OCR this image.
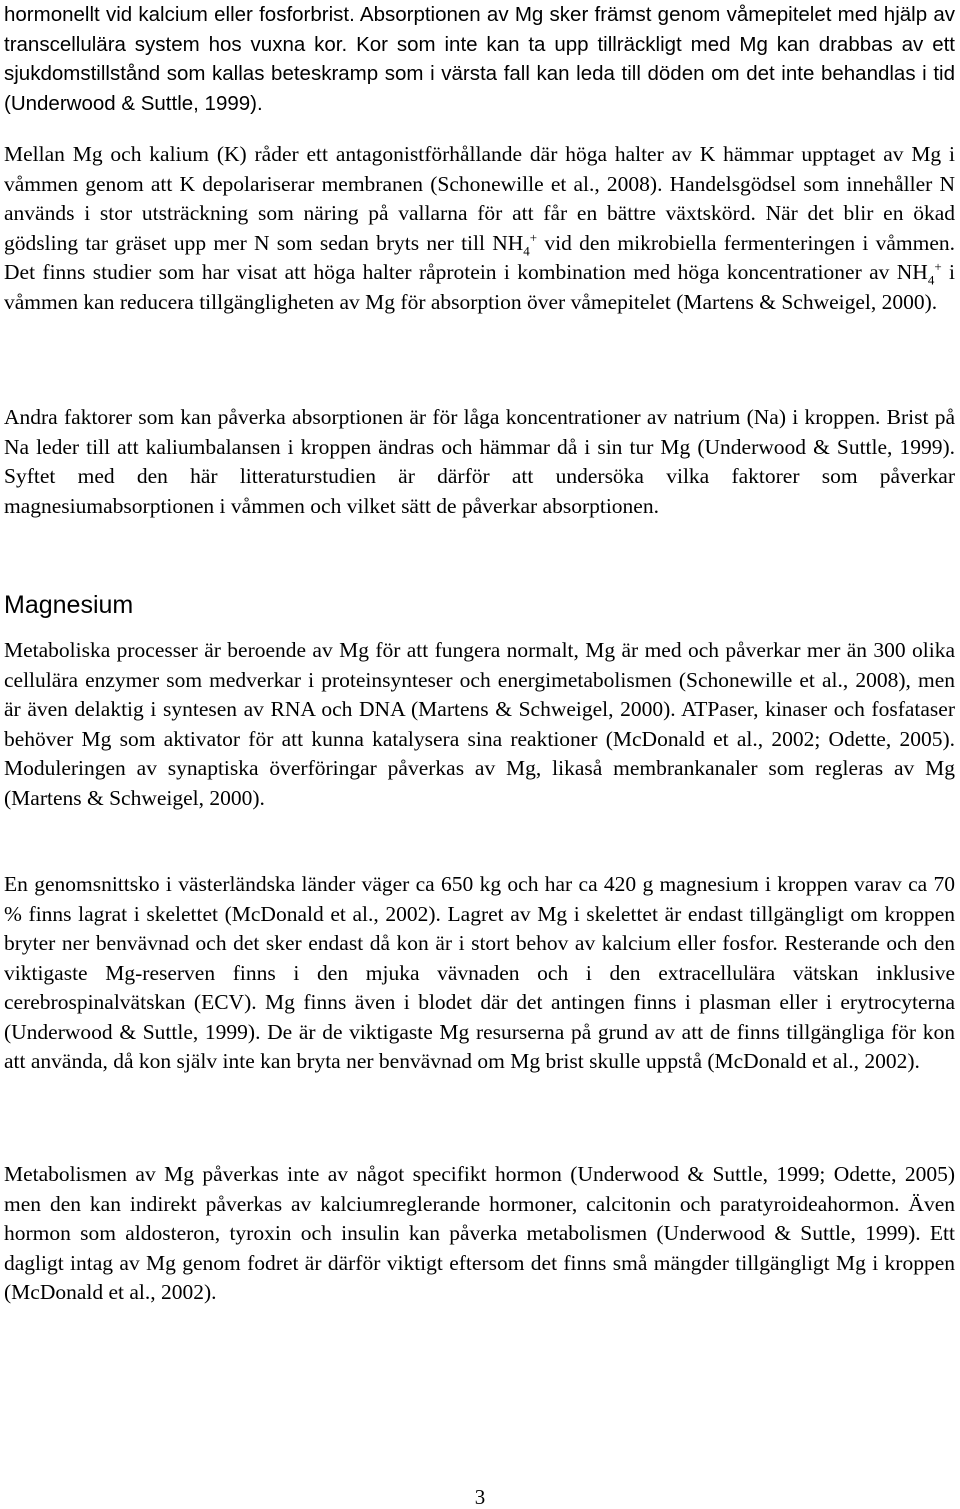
hormonellt vid kalcium eller fosforbrist. Absorptionen av Mg sker främst genom våmepitelet med hjälp av transcellulära system hos vuxna kor. Kor som inte kan ta upp tillräckligt med Mg kan drabbas av ett sjukdomstillstånd som kallas beteskramp som i värsta fall kan leda till döden om det inte behandlas i tid (Underwood & Suttle, 1999).

Mellan Mg och kalium (K) råder ett antagonistförhållande där höga halter av K hämmar upptaget av Mg i våmmen genom att K depolariserar membranen (Schonewille et al., 2008). Handelsgödsel som innehåller N används i stor utsträckning som näring på vallarna för att får en bättre växtskörd. När det blir en ökad gödsling tar gräset upp mer N som sedan bryts ner till $NH_4^+$ vid den mikrobiella fermenteringen i våmmen. Det finns studier som har visat att höga halter råprotein i kombination med höga koncentrationer av $NH_4^+$ i våmmen kan reducera tillgängligheten av Mg för absorption över våmepitelet (Martens & Schweigel, 2000).

Andra faktorer som kan påverka absorptionen är för låga koncentrationer av natrium (Na) i kroppen. Brist på Na leder till att kaliumbalansen i kroppen ändras och hämmar då i sin tur Mg (Underwood & Suttle, 1999). Syftet med den här litteraturstudien är därför att undersöka vilka faktorer som påverkar magnesiumabsorptionen i våmmen och vilket sätt de påverkar absorptionen.

Magnesium

Metaboliska processer är beroende av Mg för att fungera normalt, Mg är med och påverkar mer än 300 olika cellulära enzymer som medverkar i proteinsynteser och energimetabolismen (Schonewille et al., 2008), men är även delaktig i syntesen av RNA och DNA (Martens & Schweigel, 2000). ATPaser, kinaser och fosfataser behöver Mg som aktivator för att kunna katalysera sina reaktioner (McDonald et al., 2002; Odette, 2005). Moduleringen av synaptiska överföringar påverkas av Mg, likaså membrankanaler som regleras av Mg (Martens & Schweigel, 2000).

En genomsnittsko i västerländska länder väger ca 650 kg och har ca 420 g magnesium i kroppen varav ca 70 % finns lagrat i skelettet (McDonald et al., 2002). Lagret av Mg i skelettet är endast tillgängligt om kroppen bryter ner benvävnad och det sker endast då kon är i stort behov av kalcium eller fosfor. Resterande och den viktigaste Mg-reserven finns i den mjuka vävnaden och i den extracellulära vätskan inklusive cerebrospinalvätskan (ECV). Mg finns även i blodet där det antingen finns i plasman eller i erytrocyterna (Underwood & Suttle, 1999). De är de viktigaste Mg resurserna på grund av att de finns tillgängliga för kon att använda, då kon själv inte kan bryta ner benvävnad om Mg brist skulle uppstå (McDonald et al., 2002).

Metabolismen av Mg påverkas inte av något specifikt hormon (Underwood & Suttle, 1999; Odette, 2005) men den kan indirekt påverkas av kalciumreglerande hormoner, calcitonin och paratyroideahormon. Även hormon som aldosteron, tyroxin och insulin kan påverka metabolismen (Underwood & Suttle, 1999). Ett dagligt intag av Mg genom fodret är därför viktigt eftersom det finns små mängder tillgängligt Mg i kroppen (McDonald et al., 2002).

3
